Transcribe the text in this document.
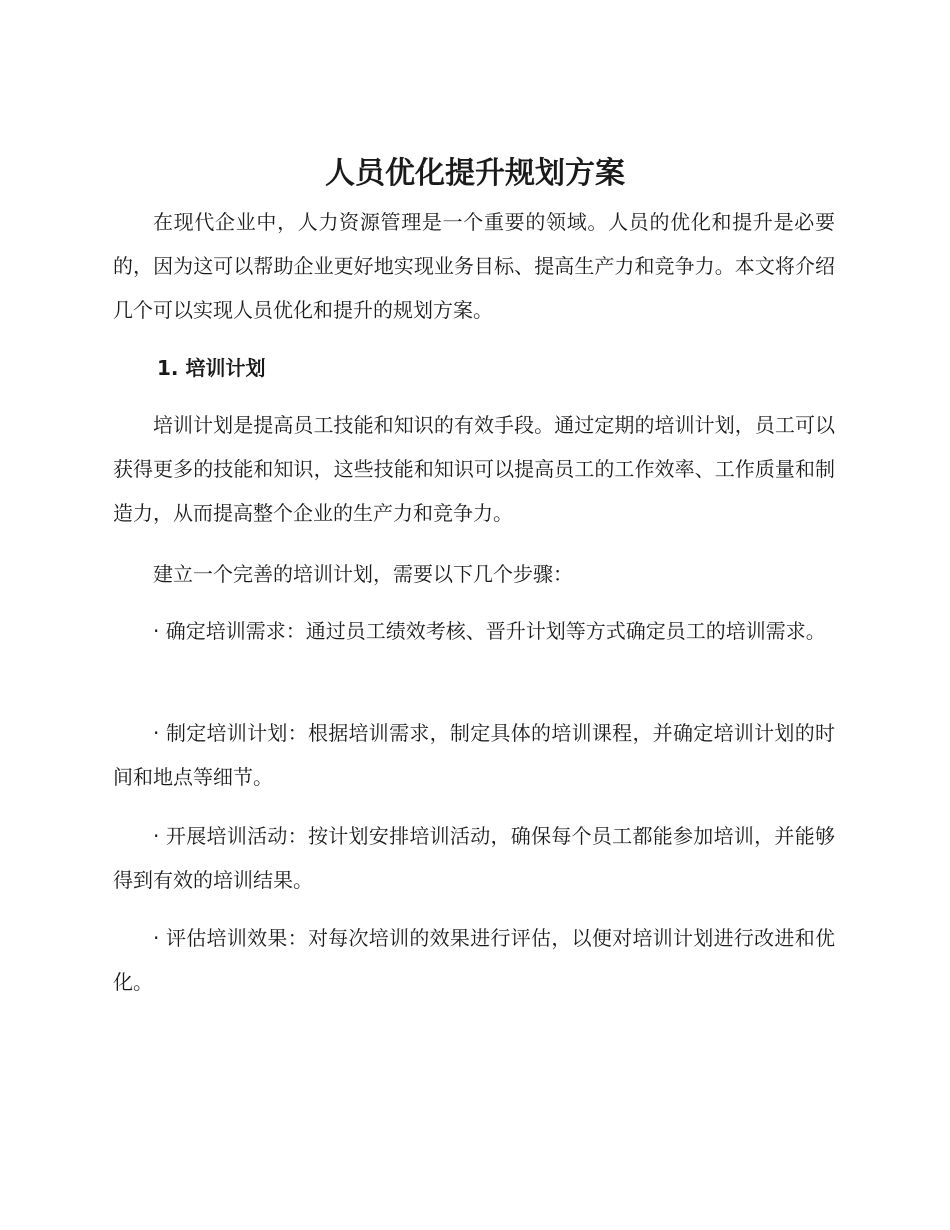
人员优化提升规划方案

在现代企业中，人力资源管理是一个重要的领域。人员的优化和提升是必要的，因为这可以帮助企业更好地实现业务目标、提高生产力和竞争力。本文将介绍几个可以实现人员优化和提升的规划方案。

1. 培训计划

培训计划是提高员工技能和知识的有效手段。通过定期的培训计划，员工可以获得更多的技能和知识，这些技能和知识可以提高员工的工作效率、工作质量和制造力，从而提高整个企业的生产力和竞争力。

建立一个完善的培训计划，需要以下几个步骤：

· 确定培训需求：通过员工绩效考核、晋升计划等方式确定员工的培训需求。

· 制定培训计划：根据培训需求，制定具体的培训课程，并确定培训计划的时间和地点等细节。

· 开展培训活动：按计划安排培训活动，确保每个员工都能参加培训，并能够得到有效的培训结果。

· 评估培训效果：对每次培训的效果进行评估，以便对培训计划进行改进和优化。
